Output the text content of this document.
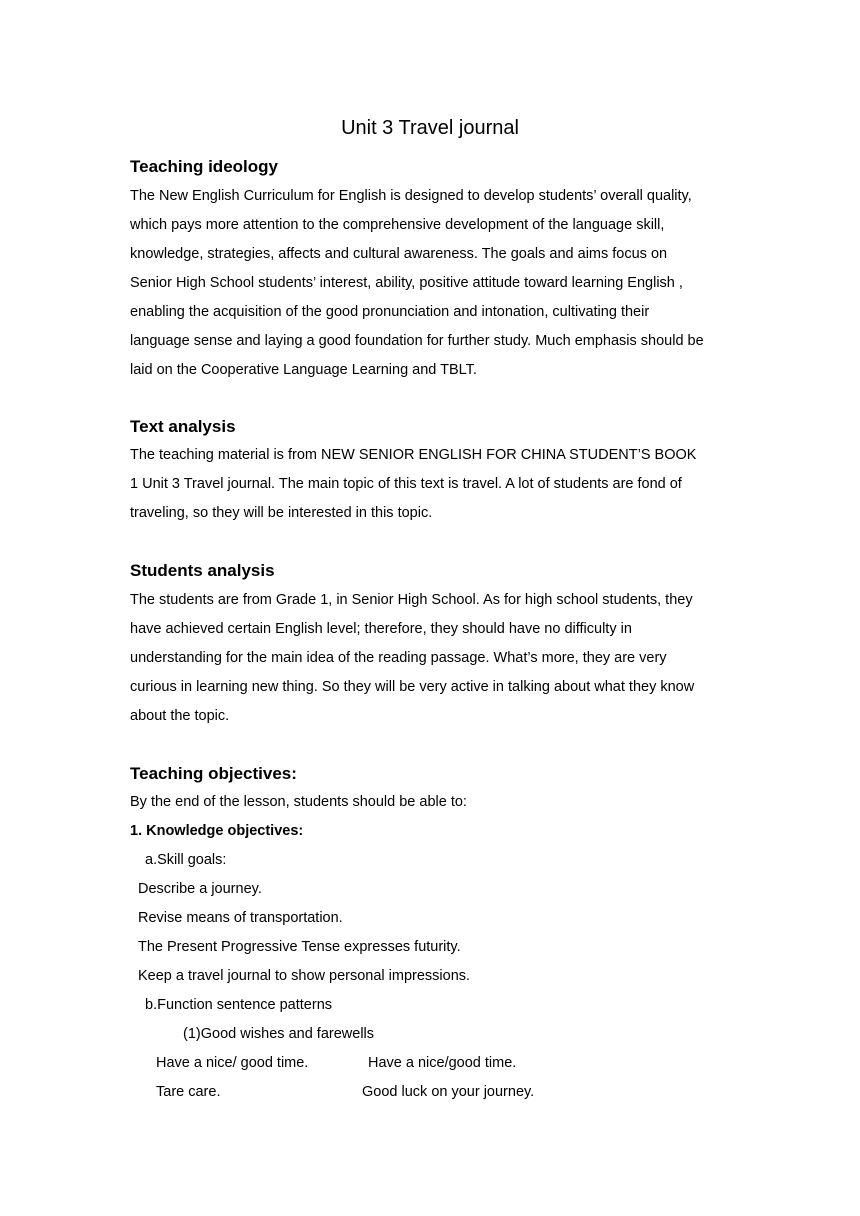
Unit 3 Travel journal
Teaching ideology
The New English Curriculum for English is designed to develop students’ overall quality,
which pays more attention to the comprehensive development of the language skill,
knowledge, strategies, affects and cultural awareness. The goals and aims focus on
Senior High School students’ interest, ability, positive attitude toward learning English ,
enabling the acquisition of the good pronunciation and intonation, cultivating their
language sense and laying a good foundation for further study. Much emphasis should be
laid on the Cooperative Language Learning and TBLT.
Text analysis
The teaching material is from NEW SENIOR ENGLISH FOR CHINA STUDENT’S BOOK
1 Unit 3 Travel journal. The main topic of this text is travel. A lot of students are fond of
traveling, so they will be interested in this topic.
Students analysis
The students are from Grade 1, in Senior High School. As for high school students, they
have achieved certain English level; therefore, they should have no difficulty in
understanding for the main idea of the reading passage. What’s more, they are very
curious in learning new thing. So they will be very active in talking about what they know
about the topic.
Teaching objectives:
By the end of the lesson, students should be able to:
1. Knowledge objectives:
a.Skill goals:
Describe a journey.
Revise means of transportation.
The Present Progressive Tense expresses futurity.
Keep a travel journal to show personal impressions.
b.Function sentence patterns
(1)Good wishes and farewells
Have a nice/ good time.	Have a nice/good time.
Tare care.	Good luck on your journey.
